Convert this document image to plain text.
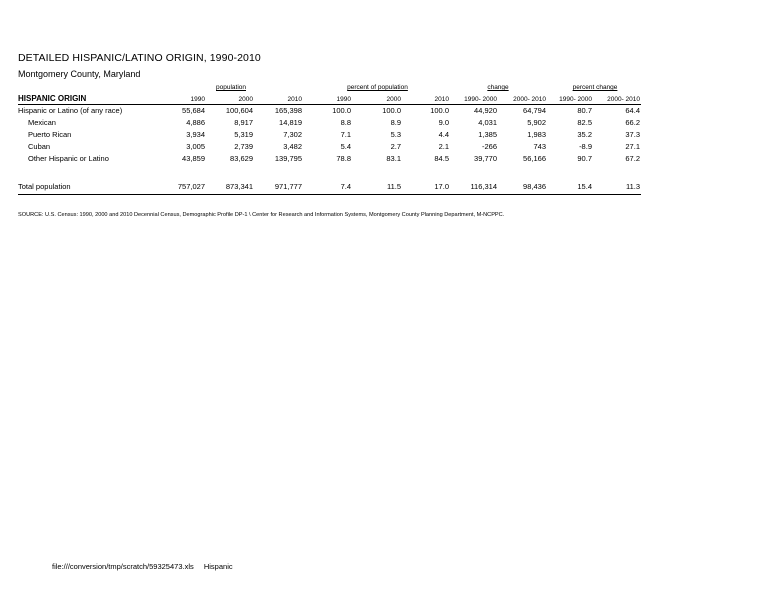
DETAILED HISPANIC/LATINO ORIGIN, 1990-2010
Montgomery County, Maryland
population	percent of population	change	percent change
HISPANIC ORIGIN	1990	2000	2010	1990	2000	2010	1990- 2000	2000- 2010	1990- 2000	2000- 2010
Hispanic or Latino (of any race)	55,684	100,604	165,398	100.0	100.0	100.0	44,920	64,794	80.7	64.4
Mexican	4,886	8,917	14,819	8.8	8.9	9.0	4,031	5,902	82.5	66.2
Puerto Rican	3,934	5,319	7,302	7.1	5.3	4.4	1,385	1,983	35.2	37.3
Cuban	3,005	2,739	3,482	5.4	2.7	2.1	-266	743	-8.9	27.1
Other Hispanic or Latino	43,859	83,629	139,795	78.8	83.1	84.5	39,770	56,166	90.7	67.2
Total population	757,027	873,341	971,777	7.4	11.5	17.0	116,314	98,436	15.4	11.3
SOURCE: U.S. Census: 1990, 2000 and 2010 Decennial Census, Demographic Profile DP-1 \ Center for Research and Information Systems, Montgomery County Planning Department, M-NCPPC.
file:///conversion/tmp/scratch/59325473.xls Hispanic
